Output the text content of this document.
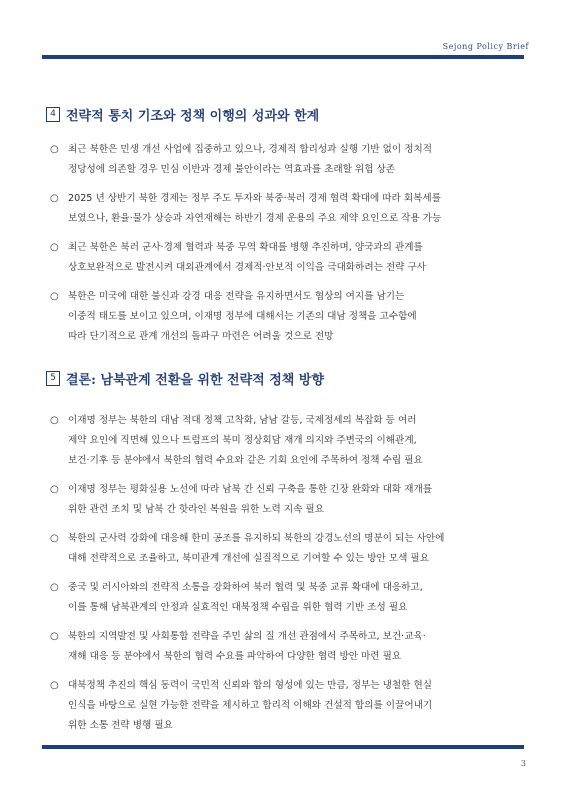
Sejong Policy Brief
4 전략적 통치 기조와 정책 이행의 성과와 한계
○ 최근 북한은 민생 개선 사업에 집중하고 있으나, 경제적 합리성과 실행 기반 없이 정치적
정당성에 의존할 경우 민심 이반과 경제 불안이라는 역효과를 초래할 위험 상존
○ 2025 년 상반기 북한 경제는 정부 주도 투자와 북중·북러 경제 협력 확대에 따라 회복세를
보였으나, 환율·물가 상승과 자연재해는 하반기 경제 운용의 주요 제약 요인으로 작용 가능
○ 최근 북한은 북러 군사·경제 협력과 북중 무역 확대를 병행 추진하며, 양국과의 관계를
상호보완적으로 발전시켜 대외관계에서 경제적·안보적 이익을 극대화하려는 전략 구사
○ 북한은 미국에 대한 불신과 강경 대응 전략을 유지하면서도 협상의 여지를 남기는
이중적 태도를 보이고 있으며, 이재명 정부에 대해서는 기존의 대남 정책을 고수함에
따라 단기적으로 관계 개선의 돌파구 마련은 어려울 것으로 전망
5 결론: 남북관계 전환을 위한 전략적 정책 방향
○ 이재명 정부는 북한의 대남 적대 정책 고착화, 남남 갈등, 국제정세의 복잡화 등 여러
제약 요인에 직면해 있으나 트럼프의 북미 정상회담 재개 의지와 주변국의 이해관계,
보건·기후 등 분야에서 북한의 협력 수요와 같은 기회 요인에 주목하여 정책 수립 필요
○ 이재명 정부는 평화실용 노선에 따라 남북 간 신뢰 구축을 통한 긴장 완화와 대화 재개를
위한 관련 조치 및 남북 간 핫라인 복원을 위한 노력 지속 필요
○ 북한의 군사력 강화에 대응해 한미 공조를 유지하되 북한의 강경노선의 명분이 되는 사안에
대해 전략적으로 조율하고, 북미관계 개선에 실질적으로 기여할 수 있는 방안 모색 필요
○ 중국 및 러시아와의 전략적 소통을 강화하여 북러 협력 및 북중 교류 확대에 대응하고,
이를 통해 남북관계의 안정과 실효적인 대북정책 수립을 위한 협력 기반 조성 필요
○ 북한의 지역발전 및 사회통합 전략을 주민 삶의 질 개선 관점에서 주목하고, 보건·교육·
재해 대응 등 분야에서 북한의 협력 수요를 파악하여 다양한 협력 방안 마련 필요
○ 대북정책 추진의 핵심 동력이 국민적 신뢰와 합의 형성에 있는 만큼, 정부는 냉철한 현실
인식을 바탕으로 실현 가능한 전략을 제시하고 합리적 이해와 건설적 합의를 이끌어내기
위한 소통 전략 병행 필요
3
